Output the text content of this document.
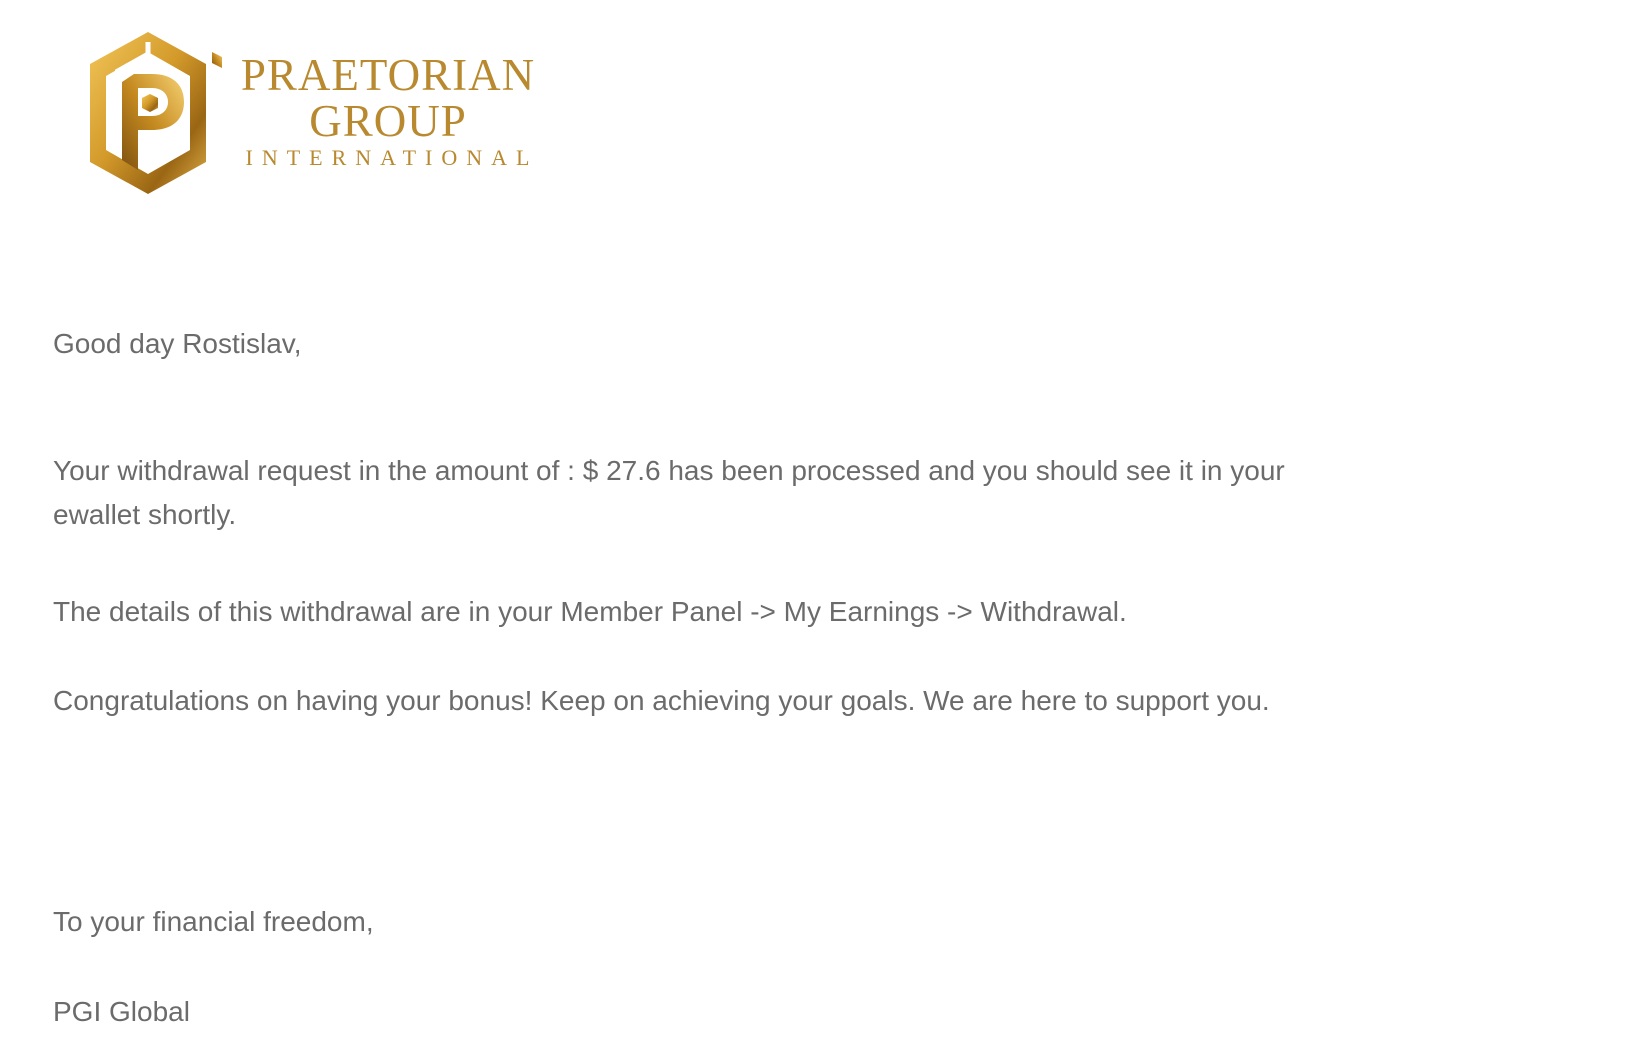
PRAETORIAN
GROUP
INTERNATIONAL

Good day Rostislav,

Your withdrawal request in the amount of : $ 27.6 has been processed and you should see it in your ewallet shortly.

The details of this withdrawal are in your Member Panel -> My Earnings -> Withdrawal.

Congratulations on having your bonus! Keep on achieving your goals. We are here to support you.

To your financial freedom,

PGI Global
